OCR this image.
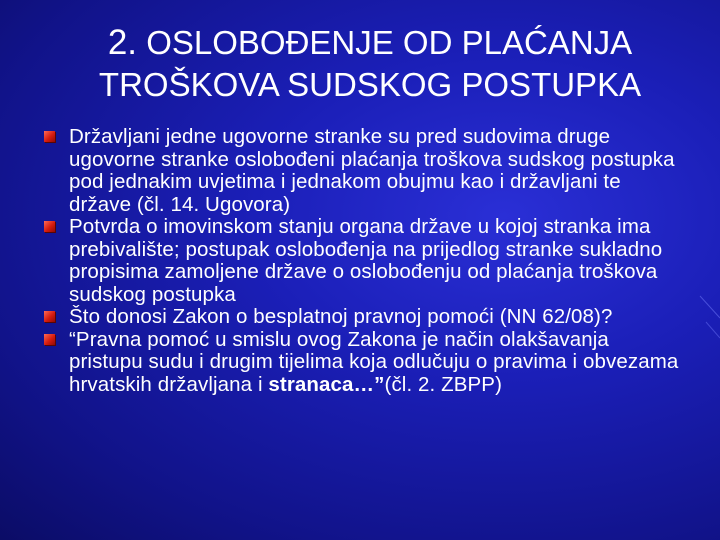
2. OSLOBOĐENJE OD PLAĆANJA
TROŠKOVA SUDSKOG POSTUPKA
Državljani jedne ugovorne stranke su pred sudovima druge ugovorne stranke oslobođeni plaćanja troškova sudskog postupka pod jednakim uvjetima i jednakom obujmu kao i državljani te države (čl. 14. Ugovora)
Potvrda o imovinskom stanju organa države u kojoj stranka ima prebivalište; postupak oslobođenja na prijedlog stranke sukladno propisima zamoljene države o oslobođenju od plaćanja troškova sudskog postupka
Što donosi Zakon o besplatnoj pravnoj pomoći (NN 62/08)?
“Pravna pomoć u smislu ovog Zakona je način olakšavanja pristupu sudu i drugim tijelima koja odlučuju o pravima i obvezama hrvatskih državljana i stranaca…”(čl. 2. ZBPP)
